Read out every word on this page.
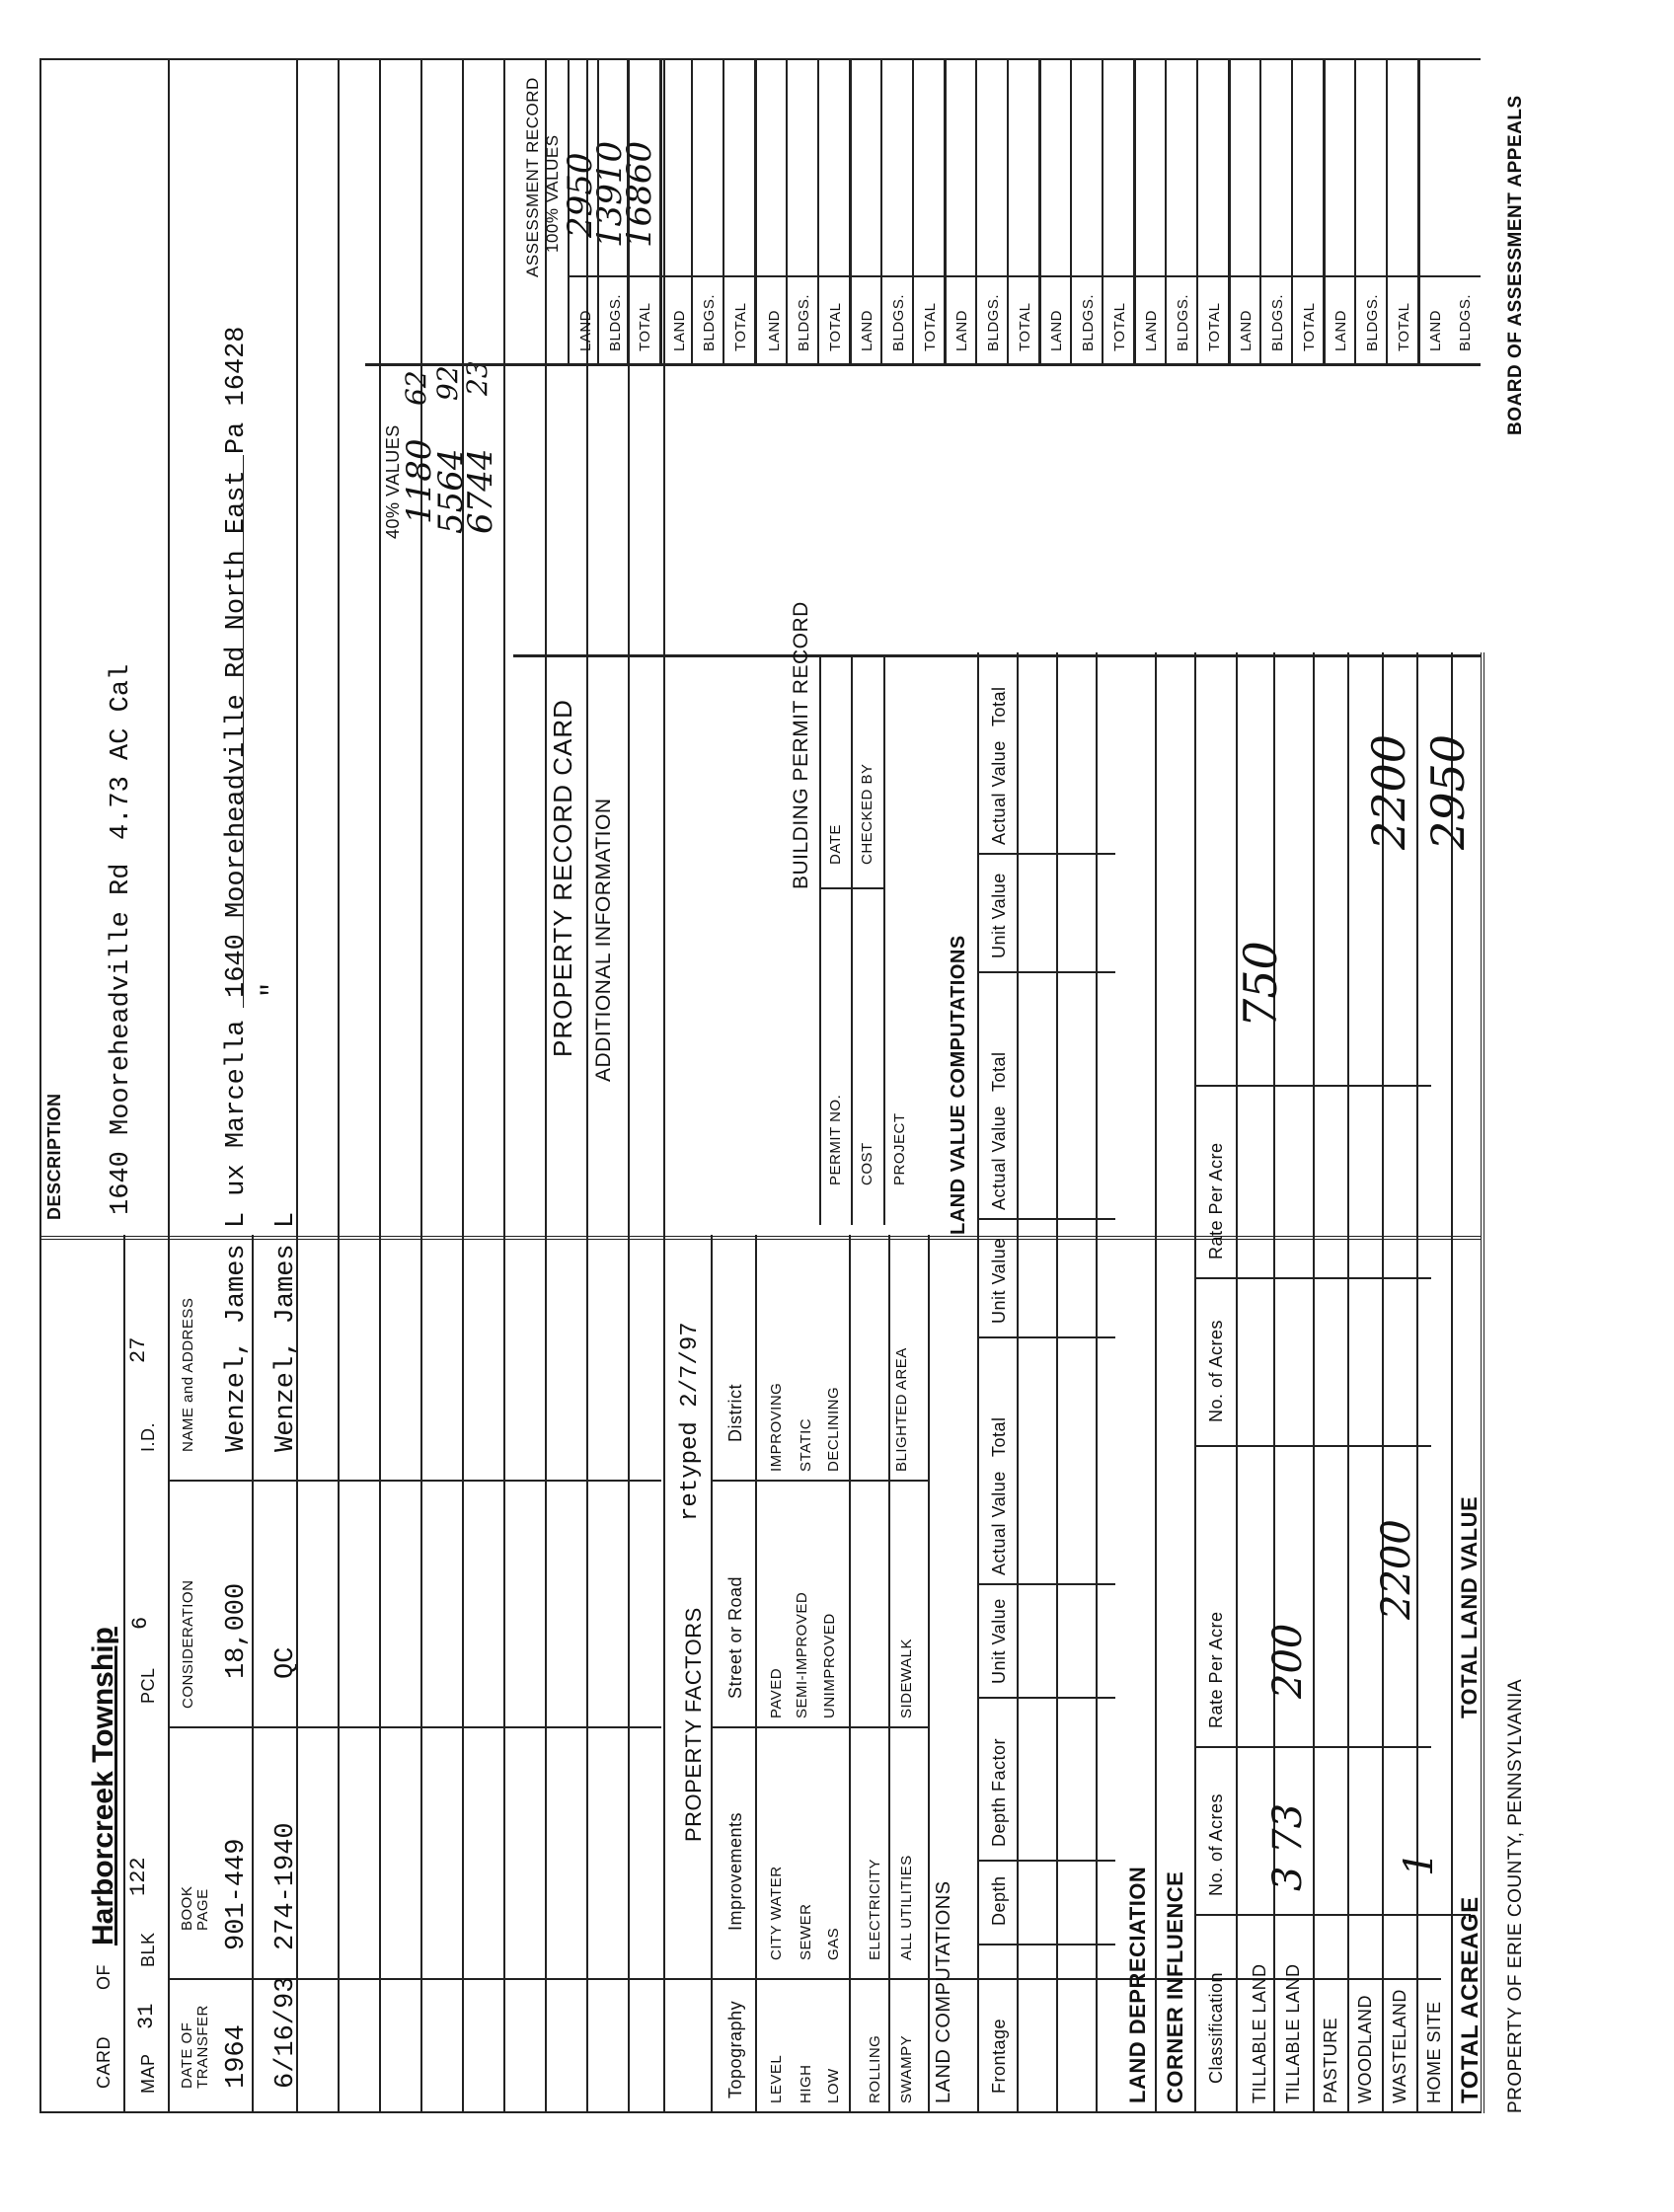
CARD
OF
Harborcreek Township
DESCRIPTION 1640 Mooreheadville Rd
4.73 AC Cal
MAP
31
BLK
122
PCL
6
I.D.
27
DATE OF TRANSFER
BOOK PAGE
CONSIDERATION
NAME and ADDRESS
1964
901-449
18,000
Wenzel, James L ux Marcella
1640 Mooreheadville Rd North East Pa 16428
6/16/93
274-1940
QC
Wenzel, James L
"
PROPERTY FACTORS
retyped 2/7/97
Topography
Improvements
Street or Road
District
LEVEL HIGH LOW ROLLING SWAMPY
CITY WATER SEWER GAS ELECTRICITY ALL UTILITIES
PAVED SEMI-IMPROVED UNIMPROVED	SIDEWALK
IMPROVING STATIC DECLINING	BLIGHTED AREA
LAND COMPUTATIONS
LAND VALUE COMPUTATIONS
Frontage
Depth
Depth Factor
Unit Value
Actual Value
Unit Value
Actual Value
Unit Value
Actual Value
Total
Total
Total
LAND DEPRECIATION CORNER INFLUENCE Classification
No. of Acres
Rate Per Acre
No. of Acres
Rate Per Acre
TILLABLE LAND TILLABLE LAND
3 73
200
750
PASTURE WOODLAND WASTELAND
2200
HOME SITE
1
2200
TOTAL ACREAGE
TOTAL LAND VALUE
2950
PROPERTY RECORD CARD ADDITIONAL INFORMATION
BUILDING PERMIT RECORD
PERMIT NO.
DATE
COST
CHECKED BY
PROJECT
40% VALUES
1180
5564
6744
62 92
23
ASSESSMENT RECORD 100% VALUES
LAND
2950
BLDGS.
13910
TOTAL
16860
LAND BLDGS. TOTAL LAND BLDGS. TOTAL LAND BLDGS. TOTAL LAND BLDGS. TOTAL LAND BLDGS. TOTAL LAND BLDGS. TOTAL LAND BLDGS. TOTAL LAND BLDGS. TOTAL LAND BLDGS.
PROPERTY OF ERIE COUNTY, PENNSYLVANIA
BOARD OF ASSESSMENT APPEALS
